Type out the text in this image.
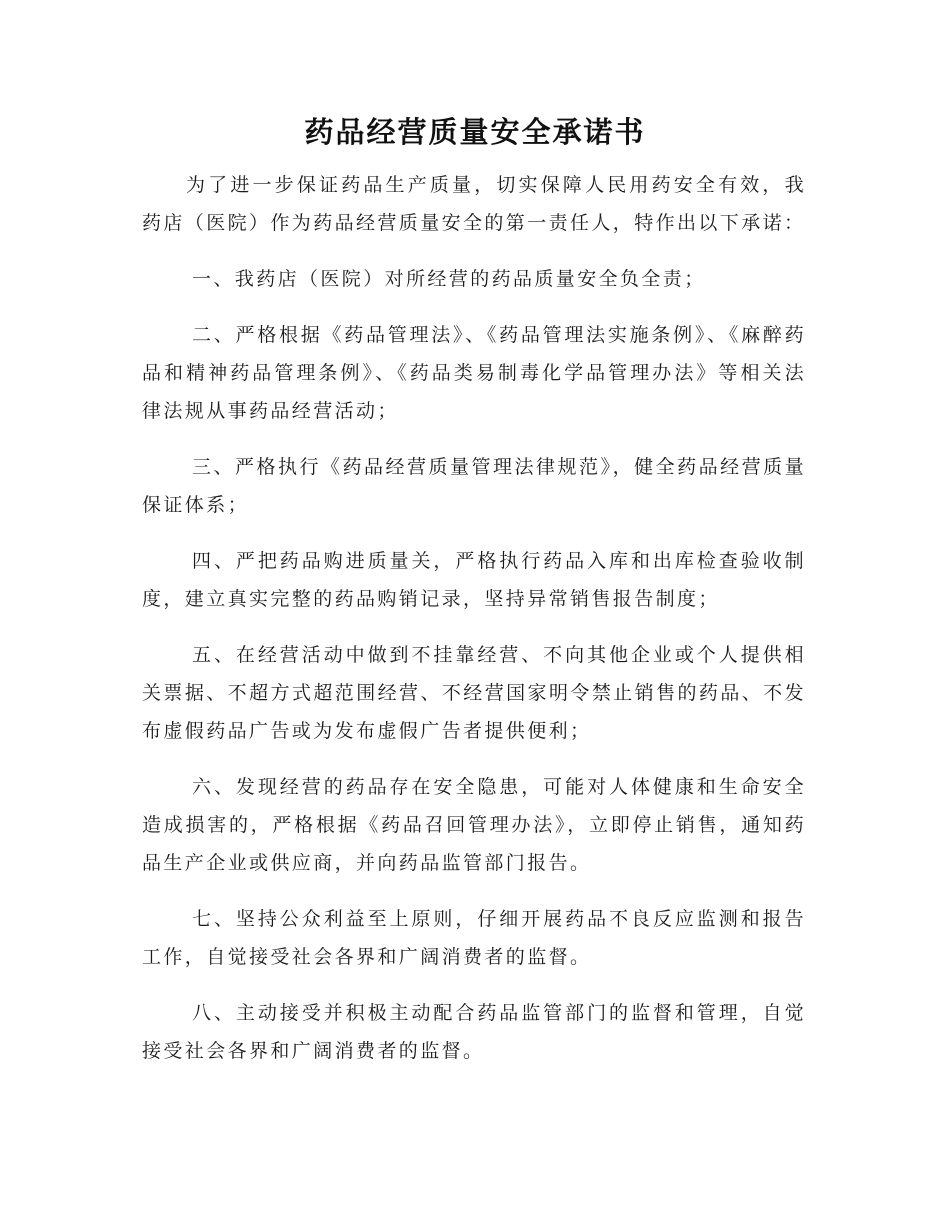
药品经营质量安全承诺书

为了进一步保证药品生产质量，切实保障人民用药安全有效，我药店（医院）作为药品经营质量安全的第一责任人，特作出以下承诺：

一、我药店（医院）对所经营的药品质量安全负全责；

二、严格根据《药品管理法》、《药品管理法实施条例》、《麻醉药品和精神药品管理条例》、《药品类易制毒化学品管理办法》等相关法律法规从事药品经营活动；

三、严格执行《药品经营质量管理法律规范》，健全药品经营质量保证体系；

四、严把药品购进质量关，严格执行药品入库和出库检查验收制度，建立真实完整的药品购销记录，坚持异常销售报告制度；

五、在经营活动中做到不挂靠经营、不向其他企业或个人提供相关票据、不超方式超范围经营、不经营国家明令禁止销售的药品、不发布虚假药品广告或为发布虚假广告者提供便利；

六、发现经营的药品存在安全隐患，可能对人体健康和生命安全造成损害的，严格根据《药品召回管理办法》，立即停止销售，通知药品生产企业或供应商，并向药品监管部门报告。

七、坚持公众利益至上原则，仔细开展药品不良反应监测和报告工作，自觉接受社会各界和广阔消费者的监督。

八、主动接受并积极主动配合药品监管部门的监督和管理，自觉接受社会各界和广阔消费者的监督。
